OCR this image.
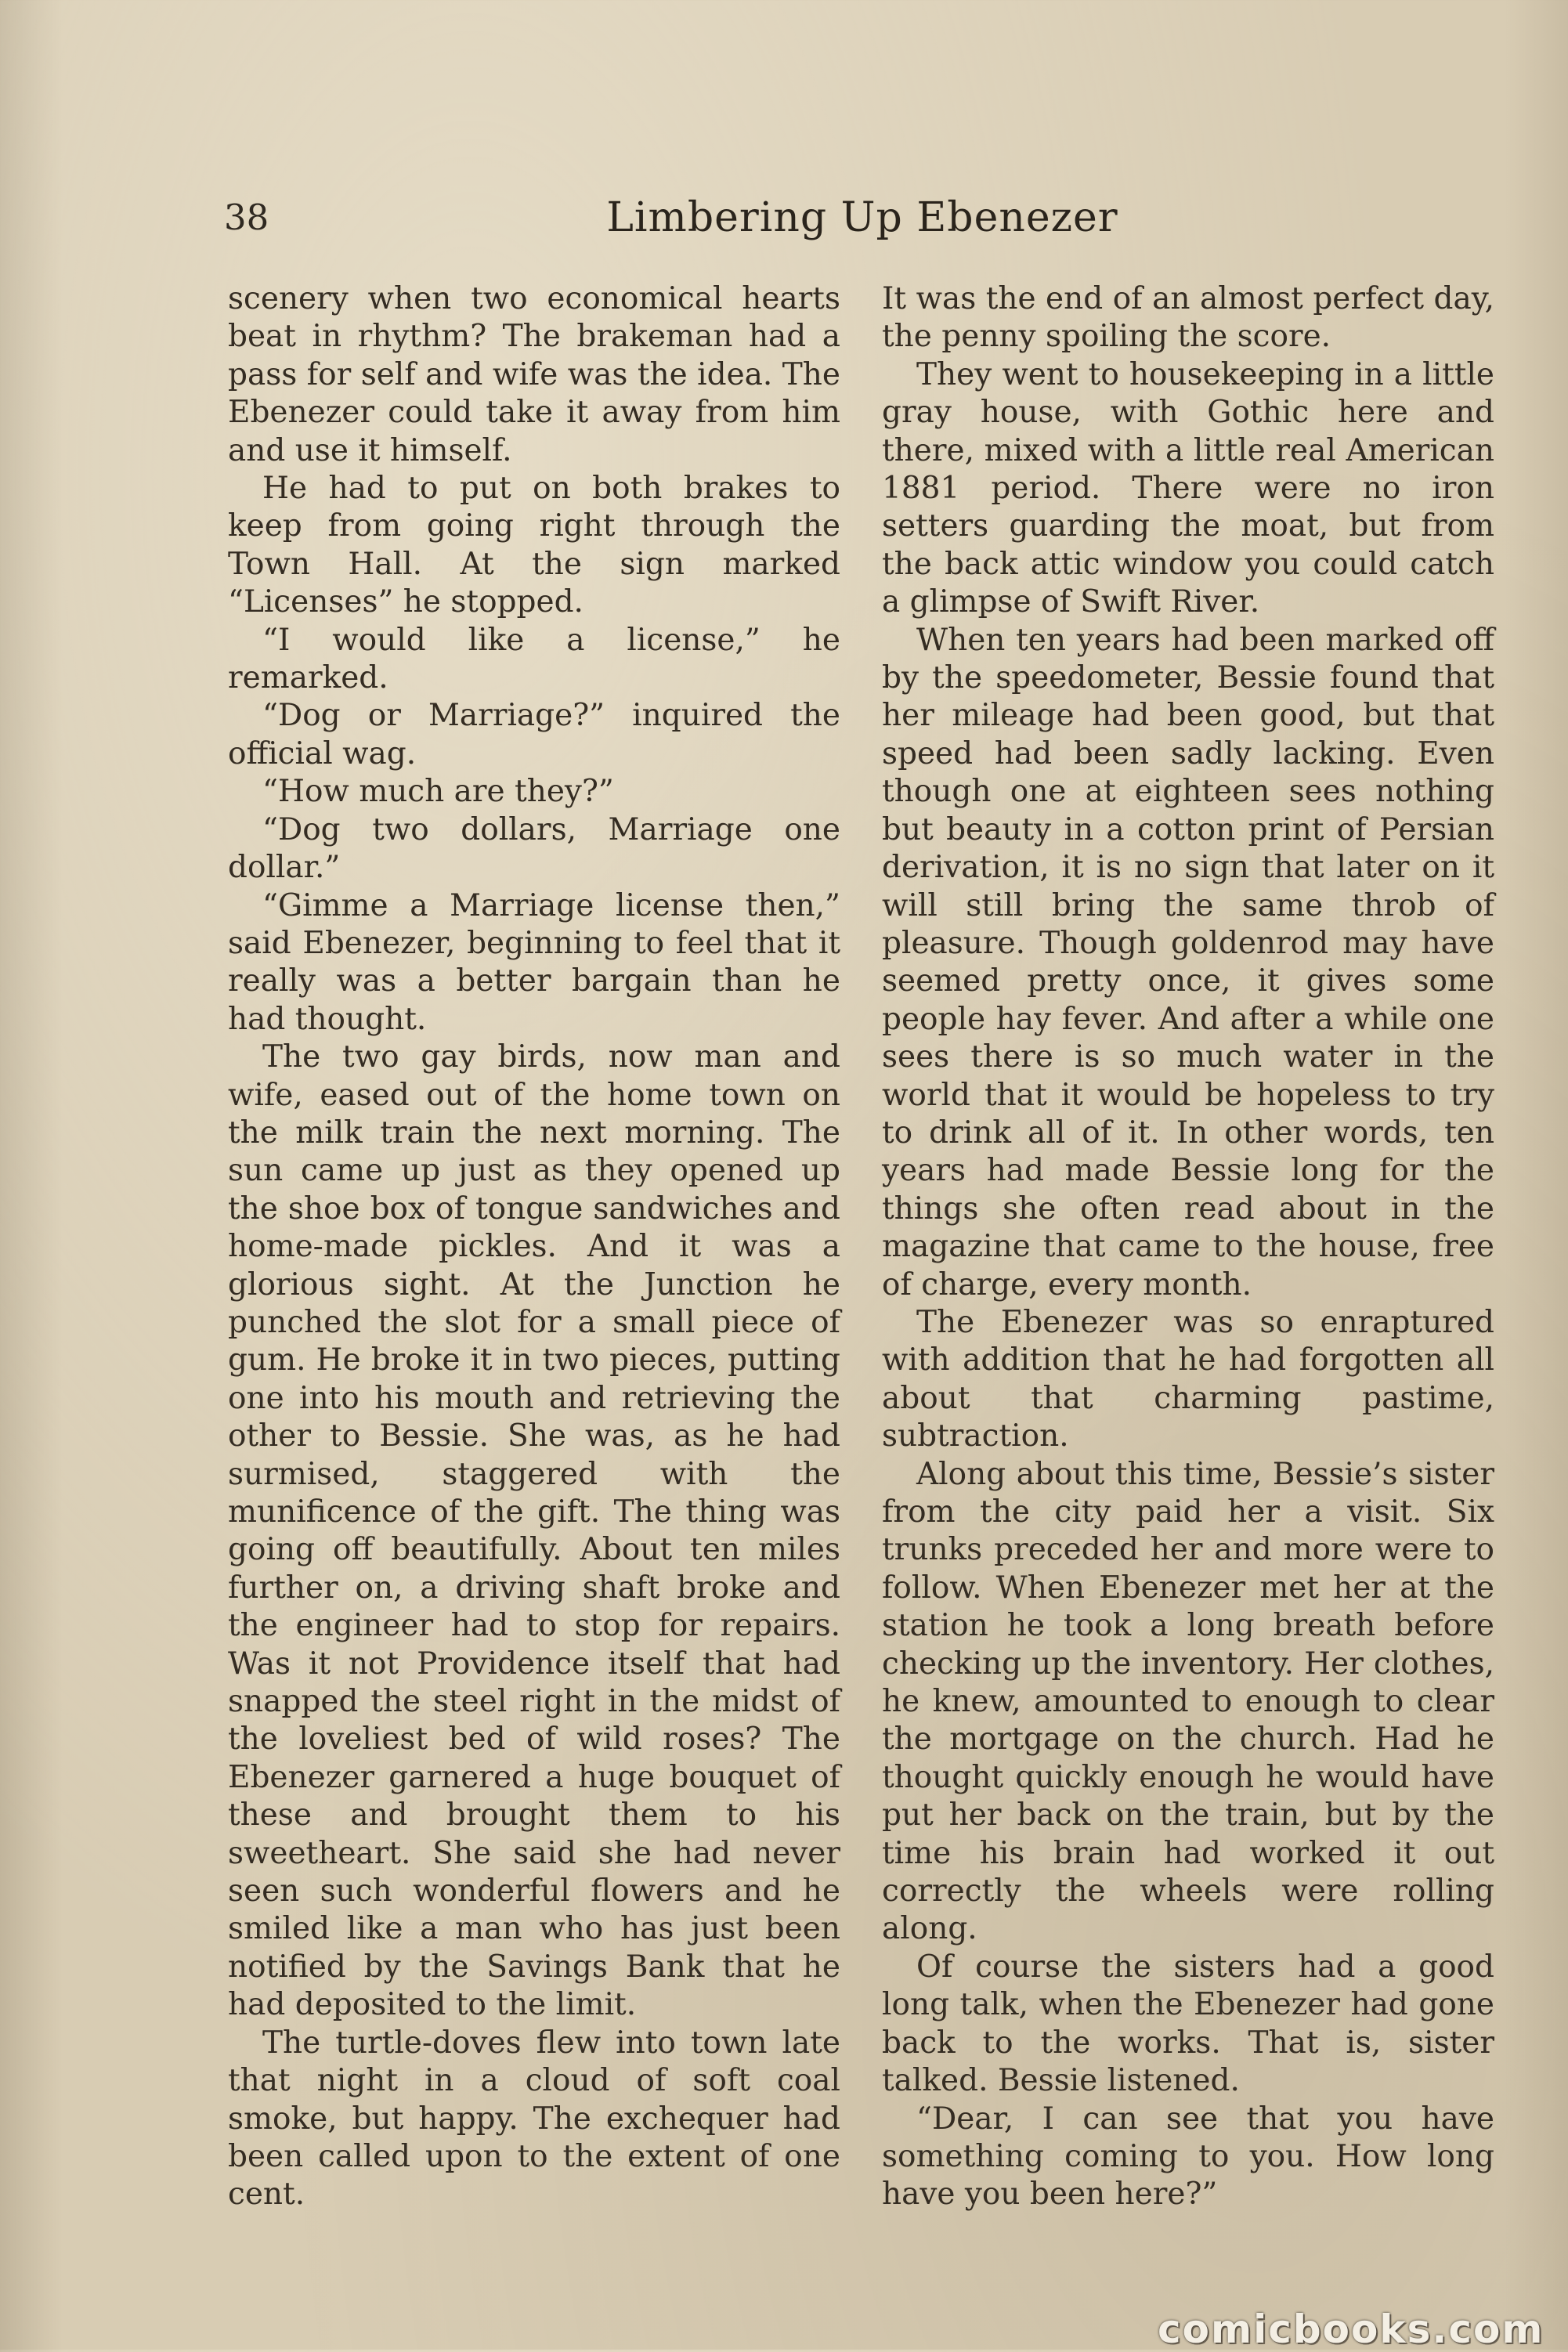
38	Limbering Up Ebenezer

scenery when two economical hearts beat in rhythm? The brakeman had a pass for self and wife was the idea. The Ebenezer could take it away from him and use it himself.

He had to put on both brakes to keep from going right through the Town Hall. At the sign marked “Licenses” he stopped.

“I would like a license,” he remarked.

“Dog or Marriage?” inquired the official wag.

“How much are they?”

“Dog two dollars, Marriage one dollar.”

“Gimme a Marriage license then,” said Ebenezer, beginning to feel that it really was a better bargain than he had thought.

The two gay birds, now man and wife, eased out of the home town on the milk train the next morning. The sun came up just as they opened up the shoe box of tongue sandwiches and home-made pickles. And it was a glorious sight. At the Junction he punched the slot for a small piece of gum. He broke it in two pieces, putting one into his mouth and retrieving the other to Bessie. She was, as he had surmised, staggered with the munificence of the gift. The thing was going off beautifully. About ten miles further on, a driving shaft broke and the engineer had to stop for repairs. Was it not Providence itself that had snapped the steel right in the midst of the loveliest bed of wild roses? The Ebenezer garnered a huge bouquet of these and brought them to his sweetheart. She said she had never seen such wonderful flowers and he smiled like a man who has just been notified by the Savings Bank that he had deposited to the limit.

The turtle-doves flew into town late that night in a cloud of soft coal smoke, but happy. The exchequer had been called upon to the extent of one cent.

It was the end of an almost perfect day, the penny spoiling the score.

They went to housekeeping in a little gray house, with Gothic here and there, mixed with a little real American 1881 period. There were no iron setters guarding the moat, but from the back attic window you could catch a glimpse of Swift River.

When ten years had been marked off by the speedometer, Bessie found that her mileage had been good, but that speed had been sadly lacking. Even though one at eighteen sees nothing but beauty in a cotton print of Persian derivation, it is no sign that later on it will still bring the same throb of pleasure. Though goldenrod may have seemed pretty once, it gives some people hay fever. And after a while one sees there is so much water in the world that it would be hopeless to try to drink all of it. In other words, ten years had made Bessie long for the things she often read about in the magazine that came to the house, free of charge, every month.

The Ebenezer was so enraptured with addition that he had forgotten all about that charming pastime, subtraction.

Along about this time, Bessie’s sister from the city paid her a visit. Six trunks preceded her and more were to follow. When Ebenezer met her at the station he took a long breath before checking up the inventory. Her clothes, he knew, amounted to enough to clear the mortgage on the church. Had he thought quickly enough he would have put her back on the train, but by the time his brain had worked it out correctly the wheels were rolling along.

Of course the sisters had a good long talk, when the Ebenezer had gone back to the works. That is, sister talked. Bessie listened.

“Dear, I can see that you have something coming to you. How long have you been here?”

comicbooks.com
